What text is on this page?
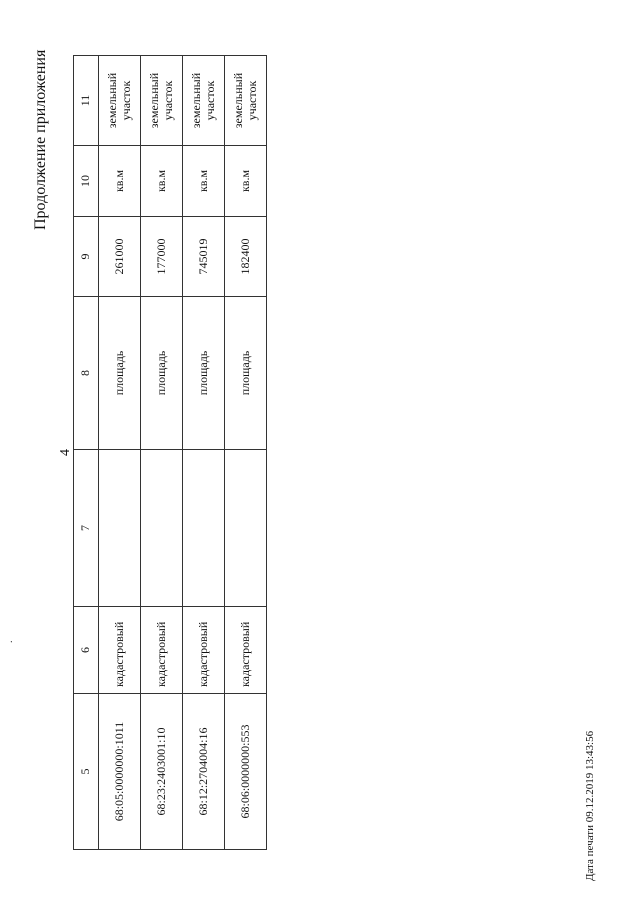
.
4
Продолжение приложения
5	6	7	8	9	10	11
68:05:0000000:1011	кадастровый		площадь	261000	кв.м	земельный участок
68:23:2403001:10	кадастровый		площадь	177000	кв.м	земельный участок
68:12:2704004:16	кадастровый		площадь	745019	кв.м	земельный участок
68:06:0000000:553	кадастровый		площадь	182400	кв.м	земельный участок
Дата печати 09.12.2019 13:43:56
